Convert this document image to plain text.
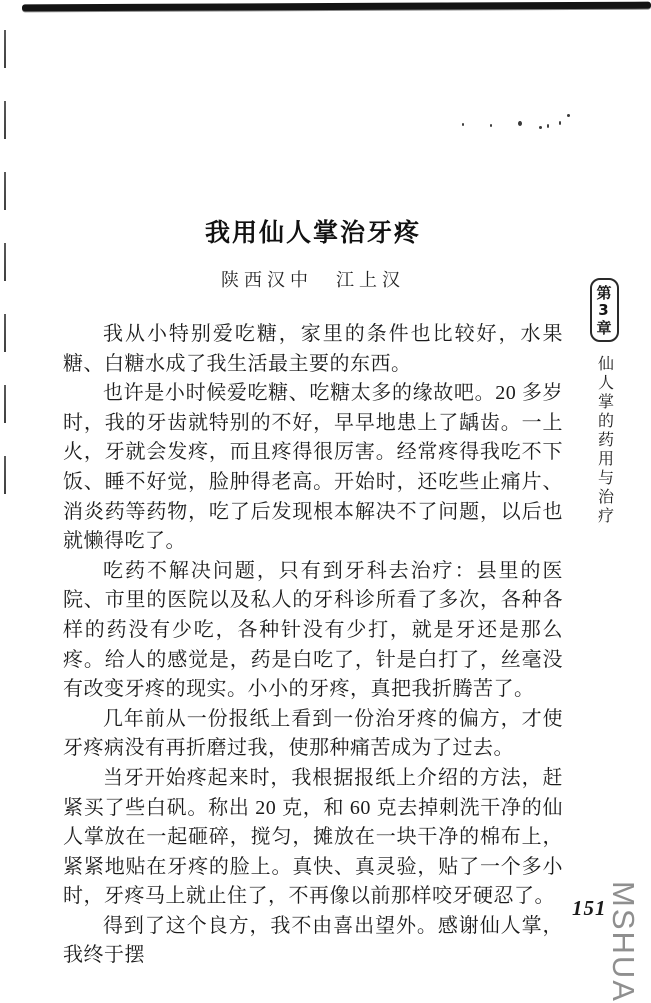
我用仙人掌治牙疼
陕西汉中　江上汉

我从小特别爱吃糖，家里的条件也比较好，水果糖、白糖水成了我生活最主要的东西。

也许是小时候爱吃糖、吃糖太多的缘故吧。20 多岁时，我的牙齿就特别的不好，早早地患上了龋齿。一上火，牙就会发疼，而且疼得很厉害。经常疼得我吃不下饭、睡不好觉，脸肿得老高。开始时，还吃些止痛片、消炎药等药物，吃了后发现根本解决不了问题，以后也就懒得吃了。

吃药不解决问题，只有到牙科去治疗：县里的医院、市里的医院以及私人的牙科诊所看了多次，各种各样的药没有少吃，各种针没有少打，就是牙还是那么疼。给人的感觉是，药是白吃了，针是白打了，丝毫没有改变牙疼的现实。小小的牙疼，真把我折腾苦了。

几年前从一份报纸上看到一份治牙疼的偏方，才使牙疼病没有再折磨过我，使那种痛苦成为了过去。

当牙开始疼起来时，我根据报纸上介绍的方法，赶紧买了些白矾。称出 20 克，和 60 克去掉刺洗干净的仙人掌放在一起砸碎，搅匀，摊放在一块干净的棉布上，紧紧地贴在牙疼的脸上。真快、真灵验，贴了一个多小时，牙疼马上就止住了，不再像以前那样咬牙硬忍了。

得到了这个良方，我不由喜出望外。感谢仙人掌，我终于摆

第3章
仙人掌的药用与治疗
151 MSHUA
